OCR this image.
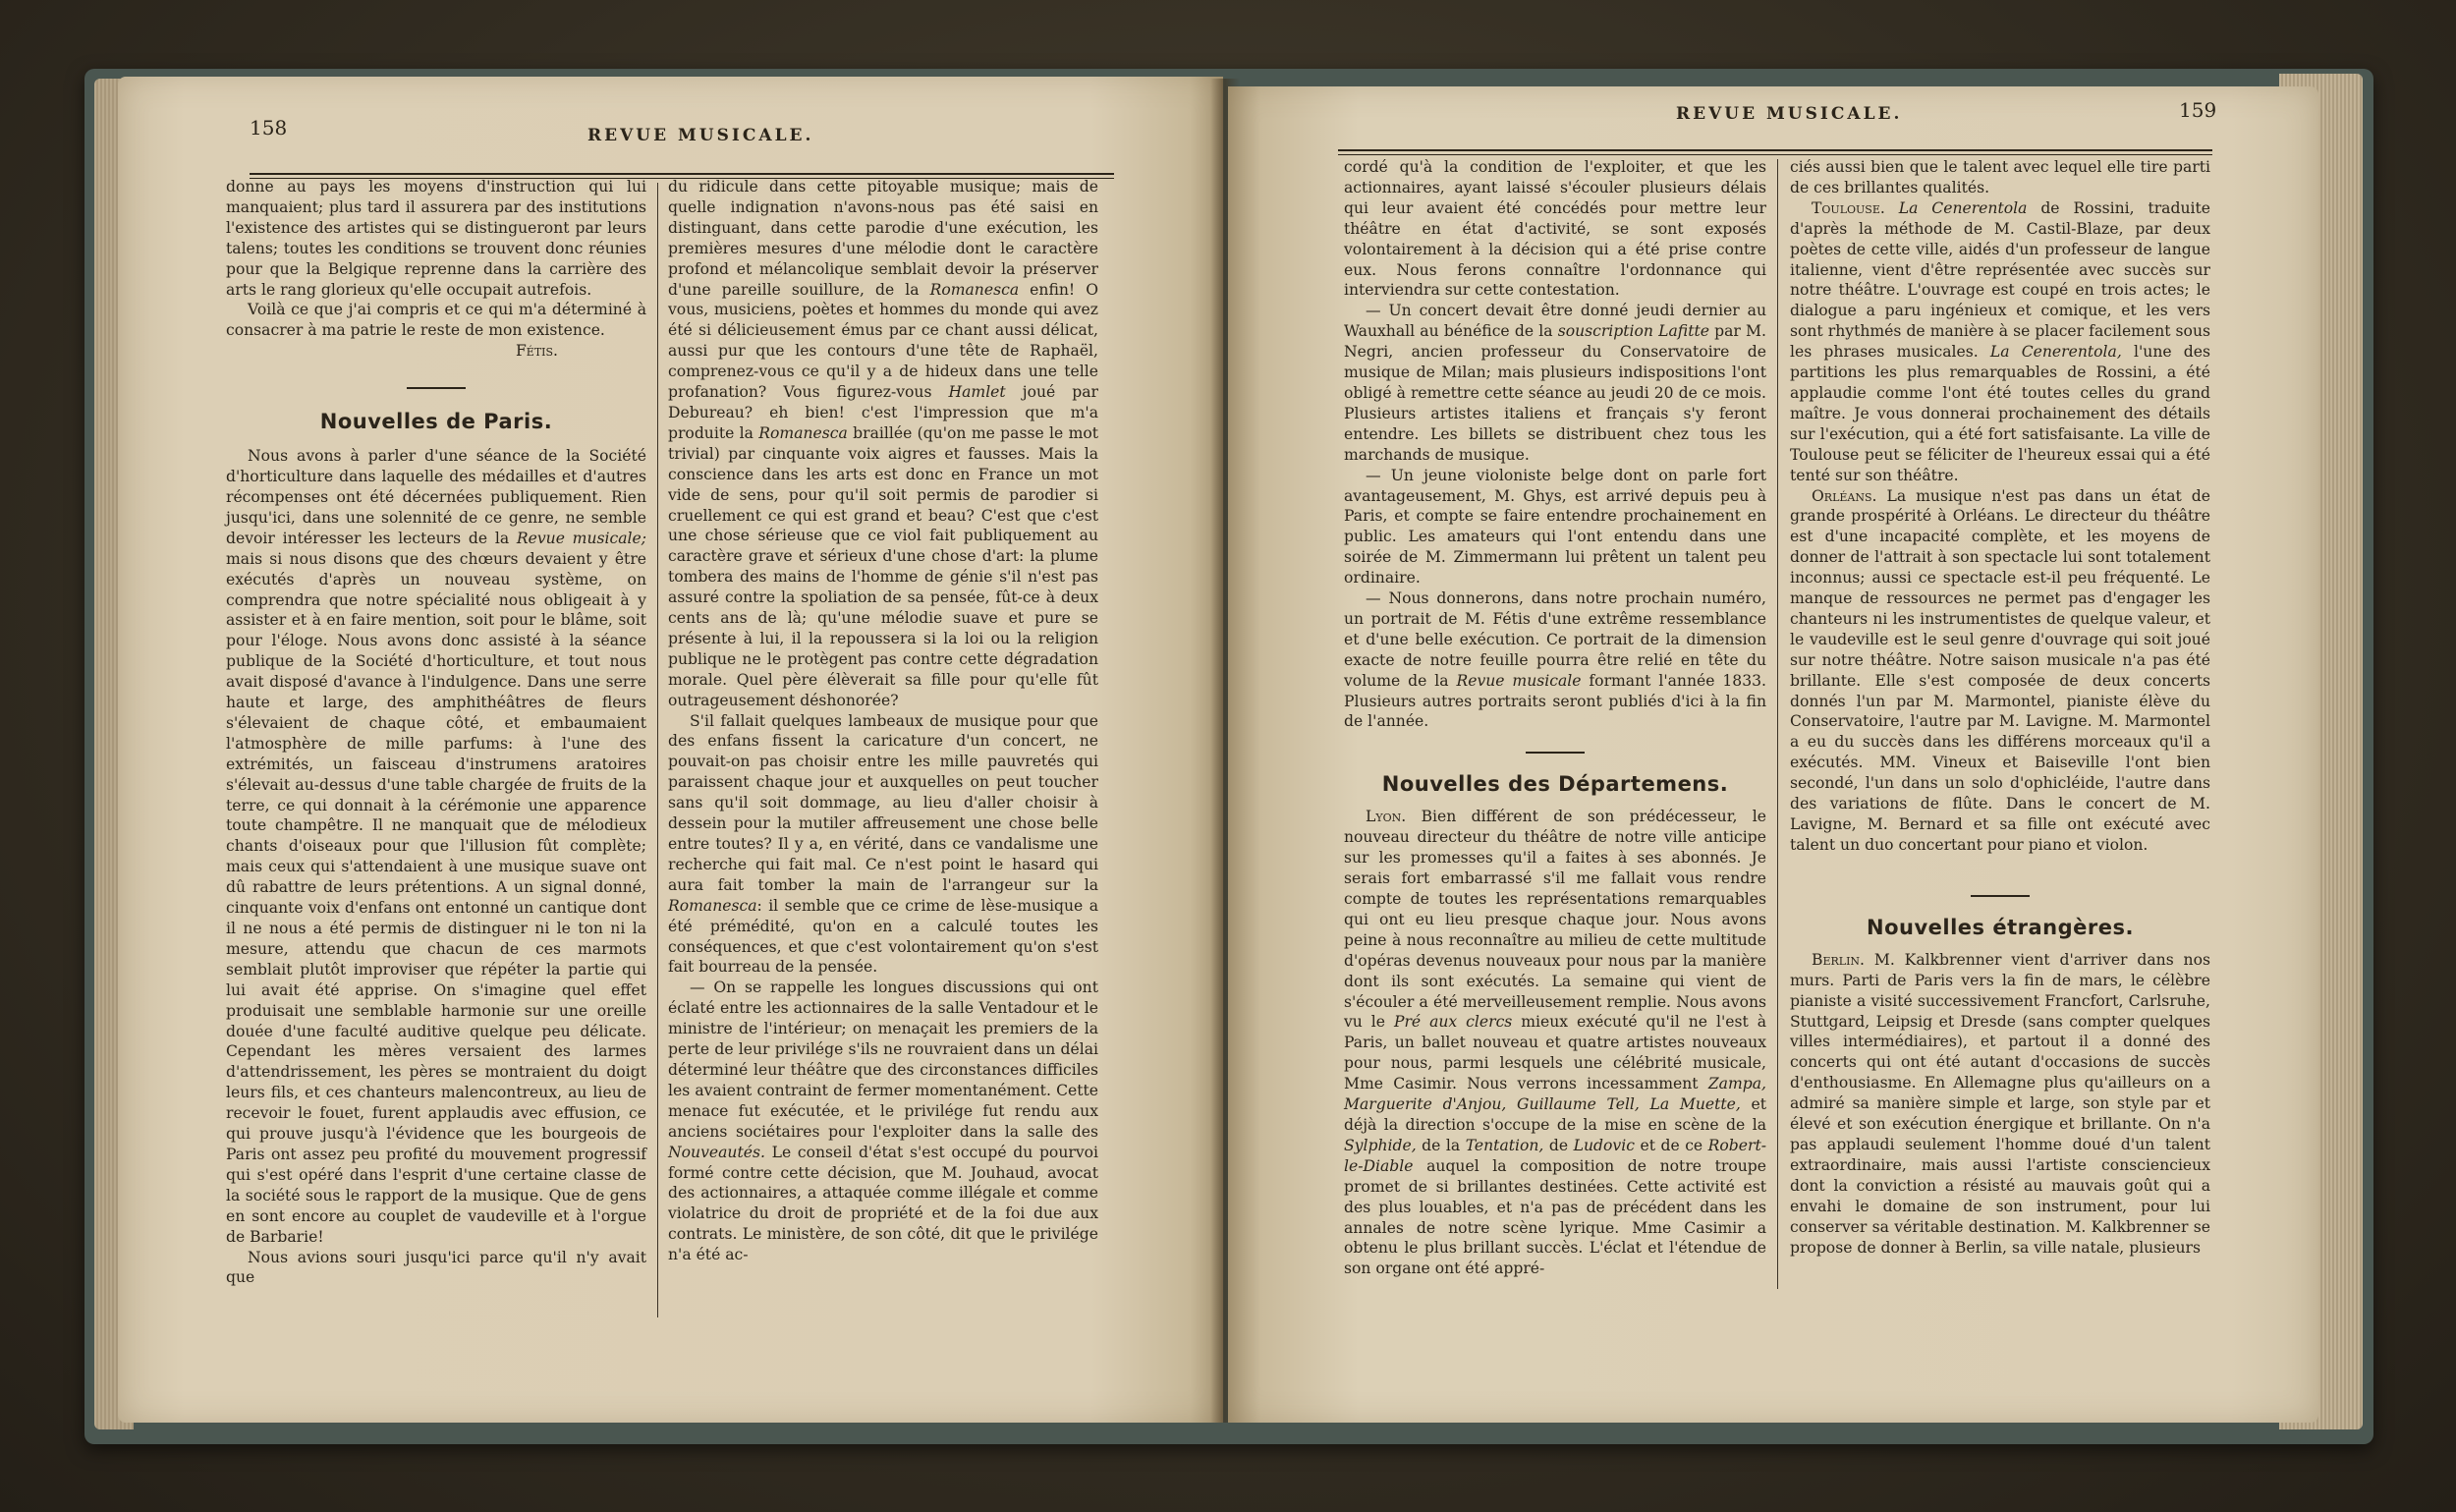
158	REVUE MUSICALE.

donne au pays les moyens d'instruction qui lui manquaient; plus tard il assurera par des institutions l'existence des artistes qui se distingueront par leurs talens; toutes les conditions se trouvent donc réunies pour que la Belgique reprenne dans la carrière des arts le rang glorieux qu'elle occupait autrefois.

Voilà ce que j'ai compris et ce qui m'a déterminé à consacrer à ma patrie le reste de mon existence.

Fétis.

Nouvelles de Paris.

Nous avons à parler d'une séance de la Société d'horticulture dans laquelle des médailles et d'autres récompenses ont été décernées publiquement. Rien jusqu'ici, dans une solennité de ce genre, ne semble devoir intéresser les lecteurs de la Revue musicale; mais si nous disons que des chœurs devaient y être exécutés d'après un nouveau système, on comprendra que notre spécialité nous obligeait à y assister et à en faire mention, soit pour le blâme, soit pour l'éloge. Nous avons donc assisté à la séance publique de la Société d'horticulture, et tout nous avait disposé d'avance à l'indulgence. Dans une serre haute et large, des amphithéâtres de fleurs s'élevaient de chaque côté, et embaumaient l'atmosphère de mille parfums: à l'une des extrémités, un faisceau d'instrumens aratoires s'élevait au-dessus d'une table chargée de fruits de la terre, ce qui donnait à la cérémonie une apparence toute champêtre. Il ne manquait que de mélodieux chants d'oiseaux pour que l'illusion fût complète; mais ceux qui s'attendaient à une musique suave ont dû rabattre de leurs prétentions. A un signal donné, cinquante voix d'enfans ont entonné un cantique dont il ne nous a été permis de distinguer ni le ton ni la mesure, attendu que chacun de ces marmots semblait plutôt improviser que répéter la partie qui lui avait été apprise. On s'imagine quel effet produisait une semblable harmonie sur une oreille douée d'une faculté auditive quelque peu délicate. Cependant les mères versaient des larmes d'attendrissement, les pères se montraient du doigt leurs fils, et ces chanteurs malencontreux, au lieu de recevoir le fouet, furent applaudis avec effusion, ce qui prouve jusqu'à l'évidence que les bourgeois de Paris ont assez peu profité du mouvement progressif qui s'est opéré dans l'esprit d'une certaine classe de la société sous le rapport de la musique. Que de gens en sont encore au couplet de vaudeville et à l'orgue de Barbarie!

Nous avions souri jusqu'ici parce qu'il n'y avait que

du ridicule dans cette pitoyable musique; mais de quelle indignation n'avons-nous pas été saisi en distinguant, dans cette parodie d'une exécution, les premières mesures d'une mélodie dont le caractère profond et mélancolique semblait devoir la préserver d'une pareille souillure, de la Romanesca enfin! O vous, musiciens, poètes et hommes du monde qui avez été si délicieusement émus par ce chant aussi délicat, aussi pur que les contours d'une tête de Raphaël, comprenez-vous ce qu'il y a de hideux dans une telle profanation? Vous figurez-vous Hamlet joué par Debureau? eh bien! c'est l'impression que m'a produite la Romanesca braillée (qu'on me passe le mot trivial) par cinquante voix aigres et fausses. Mais la conscience dans les arts est donc en France un mot vide de sens, pour qu'il soit permis de parodier si cruellement ce qui est grand et beau? C'est que c'est une chose sérieuse que ce viol fait publiquement au caractère grave et sérieux d'une chose d'art: la plume tombera des mains de l'homme de génie s'il n'est pas assuré contre la spoliation de sa pensée, fût-ce à deux cents ans de là; qu'une mélodie suave et pure se présente à lui, il la repoussera si la loi ou la religion publique ne le protègent pas contre cette dégradation morale. Quel père élèverait sa fille pour qu'elle fût outrageusement déshonorée?

S'il fallait quelques lambeaux de musique pour que des enfans fissent la caricature d'un concert, ne pouvait-on pas choisir entre les mille pauvretés qui paraissent chaque jour et auxquelles on peut toucher sans qu'il soit dommage, au lieu d'aller choisir à dessein pour la mutiler affreusement une chose belle entre toutes? Il y a, en vérité, dans ce vandalisme une recherche qui fait mal. Ce n'est point le hasard qui aura fait tomber la main de l'arrangeur sur la Romanesca: il semble que ce crime de lèse-musique a été prémédité, qu'on en a calculé toutes les conséquences, et que c'est volontairement qu'on s'est fait bourreau de la pensée.

— On se rappelle les longues discussions qui ont éclaté entre les actionnaires de la salle Ventadour et le ministre de l'intérieur; on menaçait les premiers de la perte de leur privilége s'ils ne rouvraient dans un délai déterminé leur théâtre que des circonstances difficiles les avaient contraint de fermer momentanément. Cette menace fut exécutée, et le privilége fut rendu aux anciens sociétaires pour l'exploiter dans la salle des Nouveautés. Le conseil d'état s'est occupé du pourvoi formé contre cette décision, que M. Jouhaud, avocat des actionnaires, a attaquée comme illégale et comme violatrice du droit de propriété et de la foi due aux contrats. Le ministère, de son côté, dit que le privilége n'a été ac-

REVUE MUSICALE.	159

cordé qu'à la condition de l'exploiter, et que les actionnaires, ayant laissé s'écouler plusieurs délais qui leur avaient été concédés pour mettre leur théâtre en état d'activité, se sont exposés volontairement à la décision qui a été prise contre eux. Nous ferons connaître l'ordonnance qui interviendra sur cette contestation.

— Un concert devait être donné jeudi dernier au Wauxhall au bénéfice de la souscription Lafitte par M. Negri, ancien professeur du Conservatoire de musique de Milan; mais plusieurs indispositions l'ont obligé à remettre cette séance au jeudi 20 de ce mois. Plusieurs artistes italiens et français s'y feront entendre. Les billets se distribuent chez tous les marchands de musique.

— Un jeune violoniste belge dont on parle fort avantageusement, M. Ghys, est arrivé depuis peu à Paris, et compte se faire entendre prochainement en public. Les amateurs qui l'ont entendu dans une soirée de M. Zimmermann lui prêtent un talent peu ordinaire.

— Nous donnerons, dans notre prochain numéro, un portrait de M. Fétis d'une extrême ressemblance et d'une belle exécution. Ce portrait de la dimension exacte de notre feuille pourra être relié en tête du volume de la Revue musicale formant l'année 1833. Plusieurs autres portraits seront publiés d'ici à la fin de l'année.

Nouvelles des Départemens.

Lyon. Bien différent de son prédécesseur, le nouveau directeur du théâtre de notre ville anticipe sur les promesses qu'il a faites à ses abonnés. Je serais fort embarrassé s'il me fallait vous rendre compte de toutes les représentations remarquables qui ont eu lieu presque chaque jour. Nous avons peine à nous reconnaître au milieu de cette multitude d'opéras devenus nouveaux pour nous par la manière dont ils sont exécutés. La semaine qui vient de s'écouler a été merveilleusement remplie. Nous avons vu le Pré aux clercs mieux exécuté qu'il ne l'est à Paris, un ballet nouveau et quatre artistes nouveaux pour nous, parmi lesquels une célébrité musicale, Mme Casimir. Nous verrons incessamment Zampa, Marguerite d'Anjou, Guillaume Tell, La Muette, et déjà la direction s'occupe de la mise en scène de la Sylphide, de la Tentation, de Ludovic et de ce Robert-le-Diable auquel la composition de notre troupe promet de si brillantes destinées. Cette activité est des plus louables, et n'a pas de précédent dans les annales de notre scène lyrique. Mme Casimir a obtenu le plus brillant succès. L'éclat et l'étendue de son organe ont été appré-

ciés aussi bien que le talent avec lequel elle tire parti de ces brillantes qualités.

Toulouse. La Cenerentola de Rossini, traduite d'après la méthode de M. Castil-Blaze, par deux poètes de cette ville, aidés d'un professeur de langue italienne, vient d'être représentée avec succès sur notre théâtre. L'ouvrage est coupé en trois actes; le dialogue a paru ingénieux et comique, et les vers sont rhythmés de manière à se placer facilement sous les phrases musicales. La Cenerentola, l'une des partitions les plus remarquables de Rossini, a été applaudie comme l'ont été toutes celles du grand maître. Je vous donnerai prochainement des détails sur l'exécution, qui a été fort satisfaisante. La ville de Toulouse peut se féliciter de l'heureux essai qui a été tenté sur son théâtre.

Orléans. La musique n'est pas dans un état de grande prospérité à Orléans. Le directeur du théâtre est d'une incapacité complète, et les moyens de donner de l'attrait à son spectacle lui sont totalement inconnus; aussi ce spectacle est-il peu fréquenté. Le manque de ressources ne permet pas d'engager les chanteurs ni les instrumentistes de quelque valeur, et le vaudeville est le seul genre d'ouvrage qui soit joué sur notre théâtre. Notre saison musicale n'a pas été brillante. Elle s'est composée de deux concerts donnés l'un par M. Marmontel, pianiste élève du Conservatoire, l'autre par M. Lavigne. M. Marmontel a eu du succès dans les différens morceaux qu'il a exécutés. MM. Vineux et Baiseville l'ont bien secondé, l'un dans un solo d'ophicléide, l'autre dans des variations de flûte. Dans le concert de M. Lavigne, M. Bernard et sa fille ont exécuté avec talent un duo concertant pour piano et violon.

Nouvelles étrangères.

Berlin. M. Kalkbrenner vient d'arriver dans nos murs. Parti de Paris vers la fin de mars, le célèbre pianiste a visité successivement Francfort, Carlsruhe, Stuttgard, Leipsig et Dresde (sans compter quelques villes intermédiaires), et partout il a donné des concerts qui ont été autant d'occasions de succès d'enthousiasme. En Allemagne plus qu'ailleurs on a admiré sa manière simple et large, son style par et élevé et son exécution énergique et brillante. On n'a pas applaudi seulement l'homme doué d'un talent extraordinaire, mais aussi l'artiste consciencieux dont la conviction a résisté au mauvais goût qui a envahi le domaine de son instrument, pour lui conserver sa véritable destination. M. Kalkbrenner se propose de donner à Berlin, sa ville natale, plusieurs
